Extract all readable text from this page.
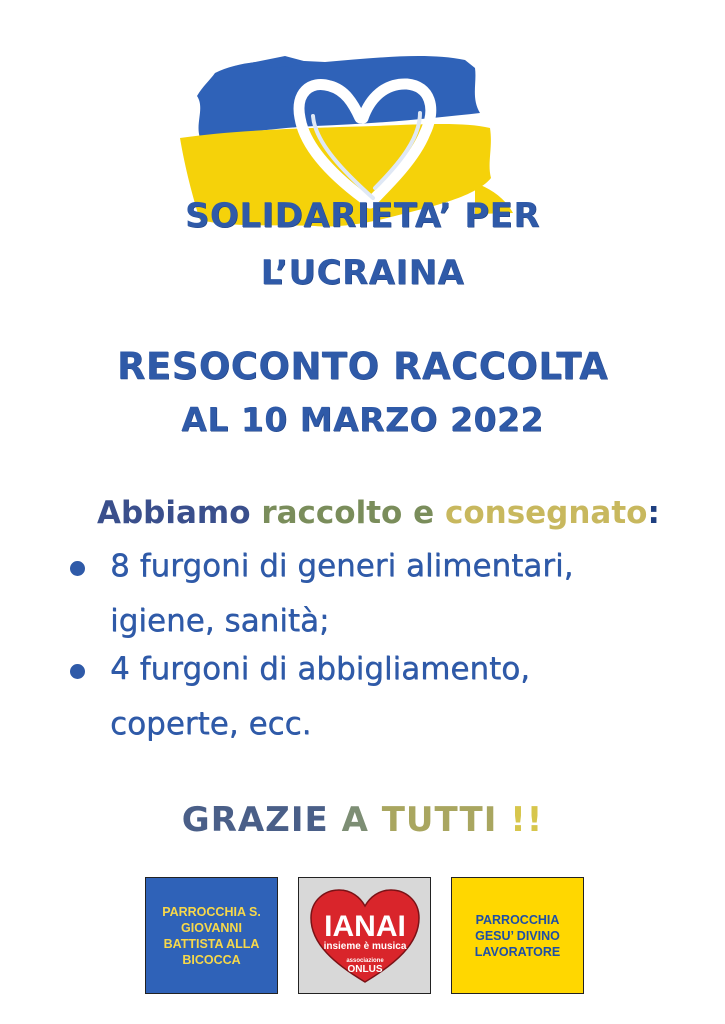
SOLIDARIETA’ PER
L’UCRAINA
RESOCONTO RACCOLTA
AL 10 MARZO 2022
Abbiamo raccolto e consegnato:
8 furgoni di generi alimentari,
igiene, sanità;
4 furgoni di abbigliamento,
coperte, ecc.
GRAZIE A TUTTI !!
PARROCCHIA S. GIOVANNI BATTISTA ALLA BICOCCA
IANAI
insieme è musica
associazione
ONLUS
PARROCCHIA GESU’ DIVINO LAVORATORE
